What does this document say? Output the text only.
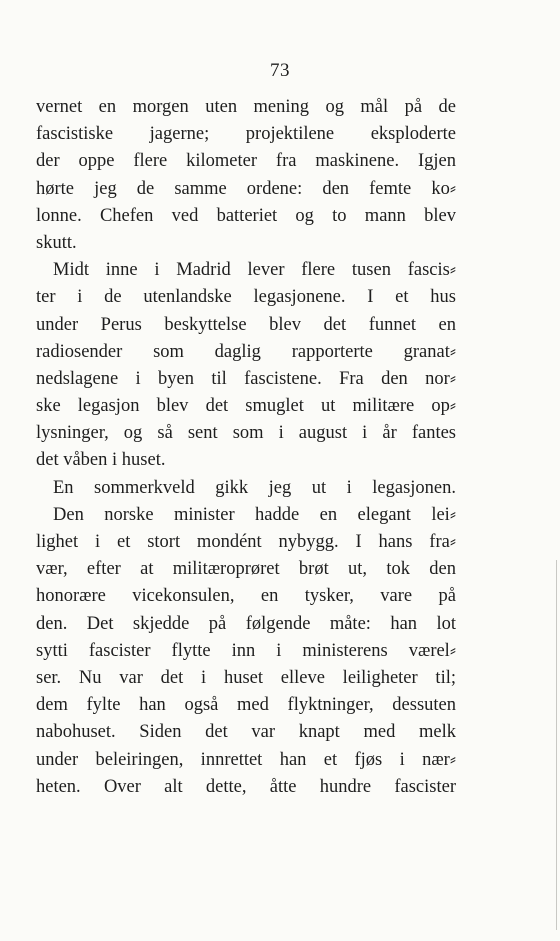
73
vernet en morgen uten mening og mål på de
fascistiske jagerne; projektilene eksploderte
der oppe flere kilometer fra maskinene. Igjen
hørte jeg de samme ordene: den femte ko⸗
lonne. Chefen ved batteriet og to mann blev
skutt.
Midt inne i Madrid lever flere tusen fascis⸗
ter i de utenlandske legasjonene. I et hus
under Perus beskyttelse blev det funnet en
radiosender som daglig rapporterte granat⸗
nedslagene i byen til fascistene. Fra den nor⸗
ske legasjon blev det smuglet ut militære op⸗
lysninger, og så sent som i august i år fantes
det våben i huset.
En sommerkveld gikk jeg ut i legasjonen.
Den norske minister hadde en elegant lei⸗
lighet i et stort mondént nybygg. I hans fra⸗
vær, efter at militæroprøret brøt ut, tok den
honorære vicekonsulen, en tysker, vare på
den. Det skjedde på følgende måte: han lot
sytti fascister flytte inn i ministerens værel⸗
ser. Nu var det i huset elleve leiligheter til;
dem fylte han også med flyktninger, dessuten
nabohuset. Siden det var knapt med melk
under beleiringen, innrettet han et fjøs i nær⸗
heten. Over alt dette, åtte hundre fascister
